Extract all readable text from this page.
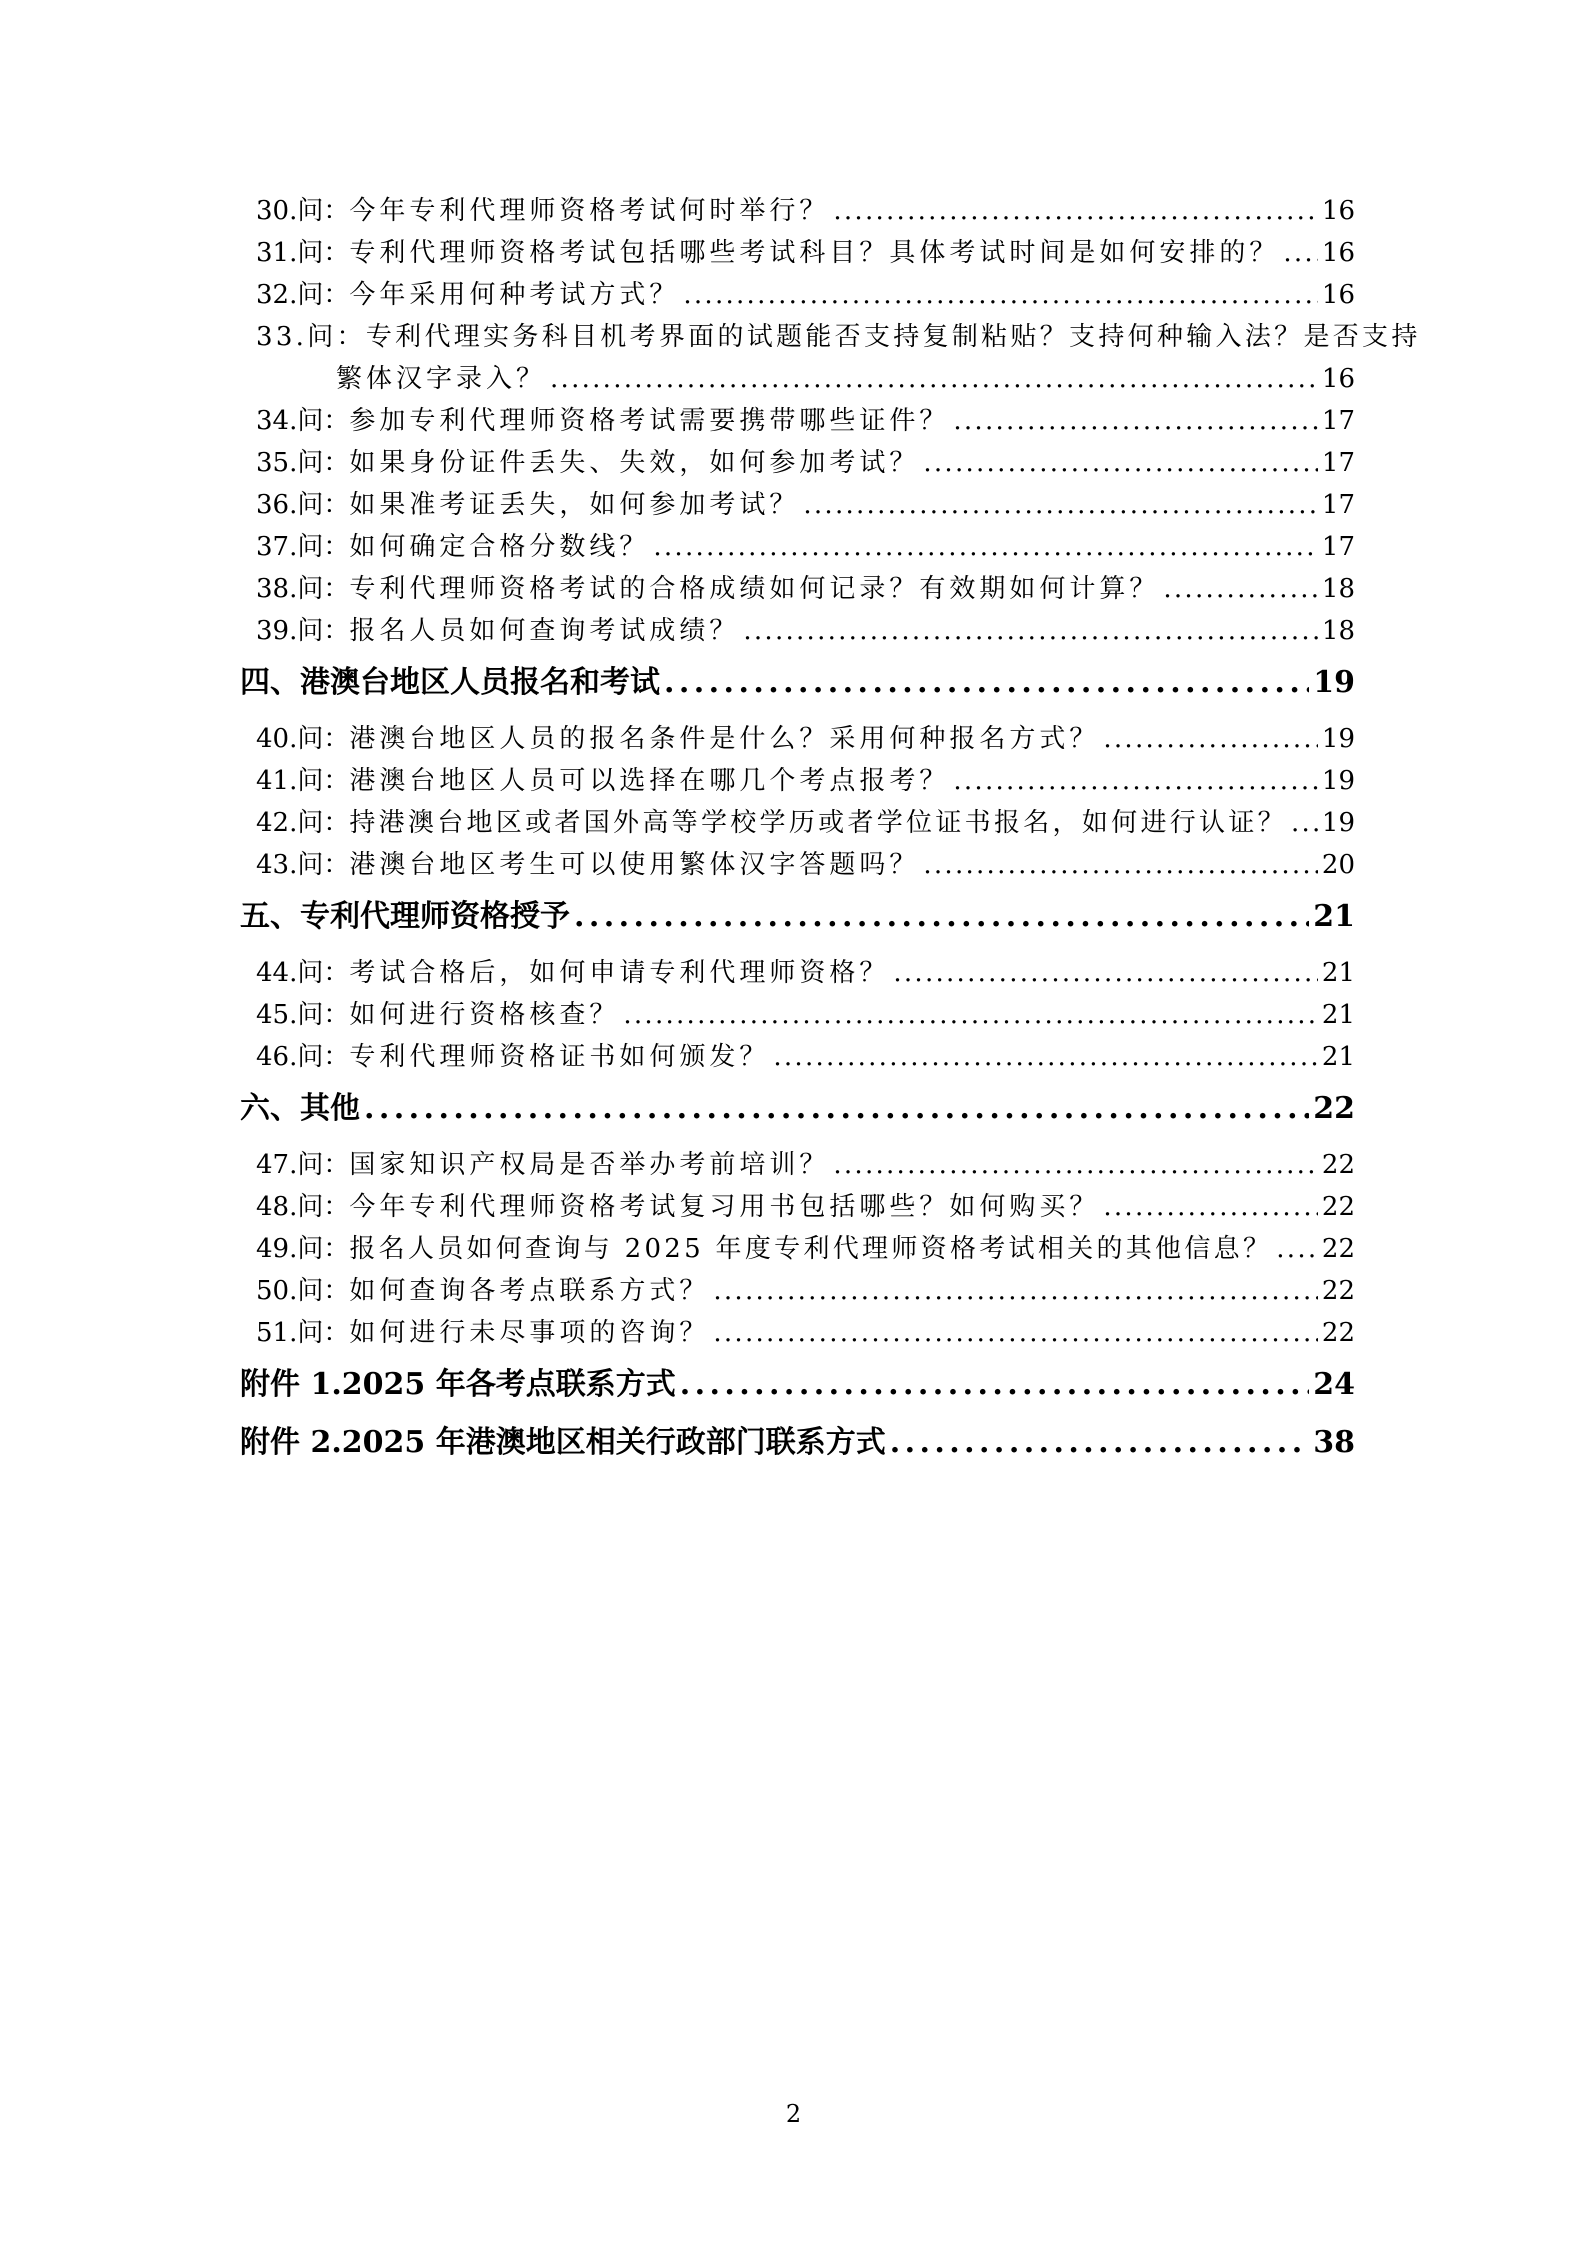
30.问： 今年专利代理师资格考试何时举行？ . . .	16
31.问： 专利代理师资格考试包括哪些考试科目？具体考试时间是如何安排的？ . . . 16
32.问： 今年采用何种考试方式？ . . .	16
33.问：专利代理实务科目机考界面的试题能否支持复制粘贴？支持何种输入法？是否支持
繁体汉字录入？ . . .	16
34.问： 参加专利代理师资格考试需要携带哪些证件？ . . .	17
35.问： 如果身份证件丢失、失效，如何参加考试？ . . .	17
36.问： 如果准考证丢失，如何参加考试？ . . .	17
37.问： 如何确定合格分数线？ . . .	17
38.问： 专利代理师资格考试的合格成绩如何记录？有效期如何计算？ . . .	18
39.问： 报名人员如何查询考试成绩？ . . .	18
四、港澳台地区人员报名和考试 . . .	19
40.问： 港澳台地区人员的报名条件是什么？采用何种报名方式？ . . .	19
41.问： 港澳台地区人员可以选择在哪几个考点报考？ . . .	19
42.问： 持港澳台地区或者国外高等学校学历或者学位证书报名，如何进行认证？ . . . 19
43.问： 港澳台地区考生可以使用繁体汉字答题吗？ . . .	20
五、专利代理师资格授予 . . .	21
44.问： 考试合格后，如何申请专利代理师资格？ . . .	21
45.问： 如何进行资格核查？ . . .	21
46.问： 专利代理师资格证书如何颁发？ . . .	21
六、其他 . . .	22
47.问： 国家知识产权局是否举办考前培训？ . . .	22
48.问： 今年专利代理师资格考试复习用书包括哪些？如何购买？ . . .	22
49.问： 报名人员如何查询与 2025 年度专利代理师资格考试相关的其他信息？ . . . 22
50.问： 如何查询各考点联系方式？ . . .	22
51.问： 如何进行未尽事项的咨询？ . . .	22
附件 1.2025 年各考点联系方式 . . .	24
附件 2.2025 年港澳地区相关行政部门联系方式 . . .	38
2
